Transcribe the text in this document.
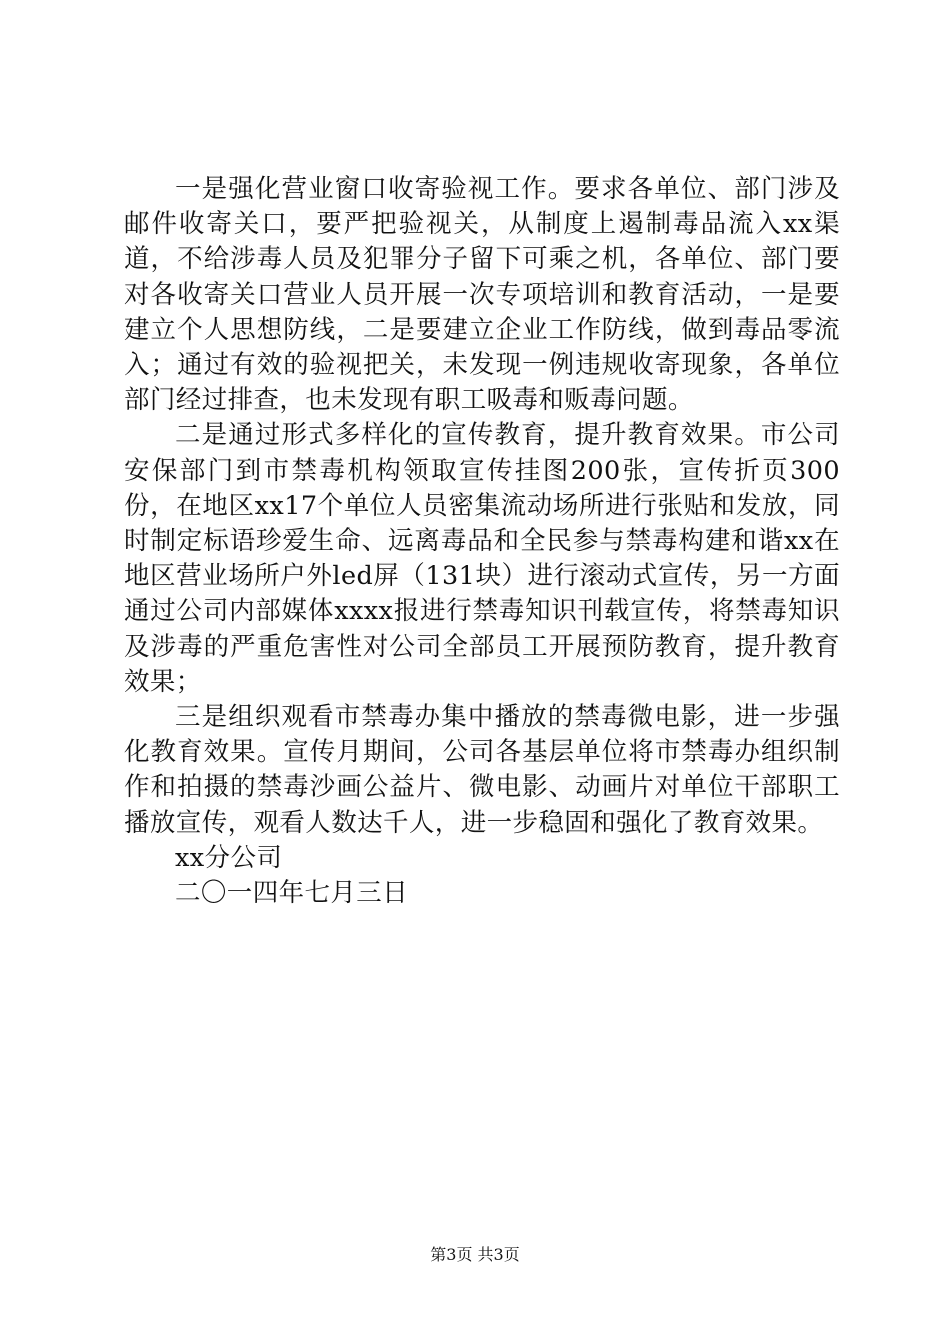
一是强化营业窗口收寄验视工作。要求各单位、部门涉及邮件收寄关口，要严把验视关，从制度上遏制毒品流入xx渠道，不给涉毒人员及犯罪分子留下可乘之机，各单位、部门要对各收寄关口营业人员开展一次专项培训和教育活动，一是要建立个人思想防线，二是要建立企业工作防线，做到毒品零流入；通过有效的验视把关，未发现一例违规收寄现象，各单位部门经过排查，也未发现有职工吸毒和贩毒问题。

二是通过形式多样化的宣传教育，提升教育效果。市公司安保部门到市禁毒机构领取宣传挂图200张，宣传折页300份，在地区xx17个单位人员密集流动场所进行张贴和发放，同时制定标语珍爱生命、远离毒品和全民参与禁毒构建和谐xx在地区营业场所户外led屏（131块）进行滚动式宣传，另一方面通过公司内部媒体xxxx报进行禁毒知识刊载宣传，将禁毒知识及涉毒的严重危害性对公司全部员工开展预防教育，提升教育效果；

三是组织观看市禁毒办集中播放的禁毒微电影，进一步强化教育效果。宣传月期间，公司各基层单位将市禁毒办组织制作和拍摄的禁毒沙画公益片、微电影、动画片对单位干部职工播放宣传，观看人数达千人，进一步稳固和强化了教育效果。

xx分公司

二〇一四年七月三日

第3页 共3页
